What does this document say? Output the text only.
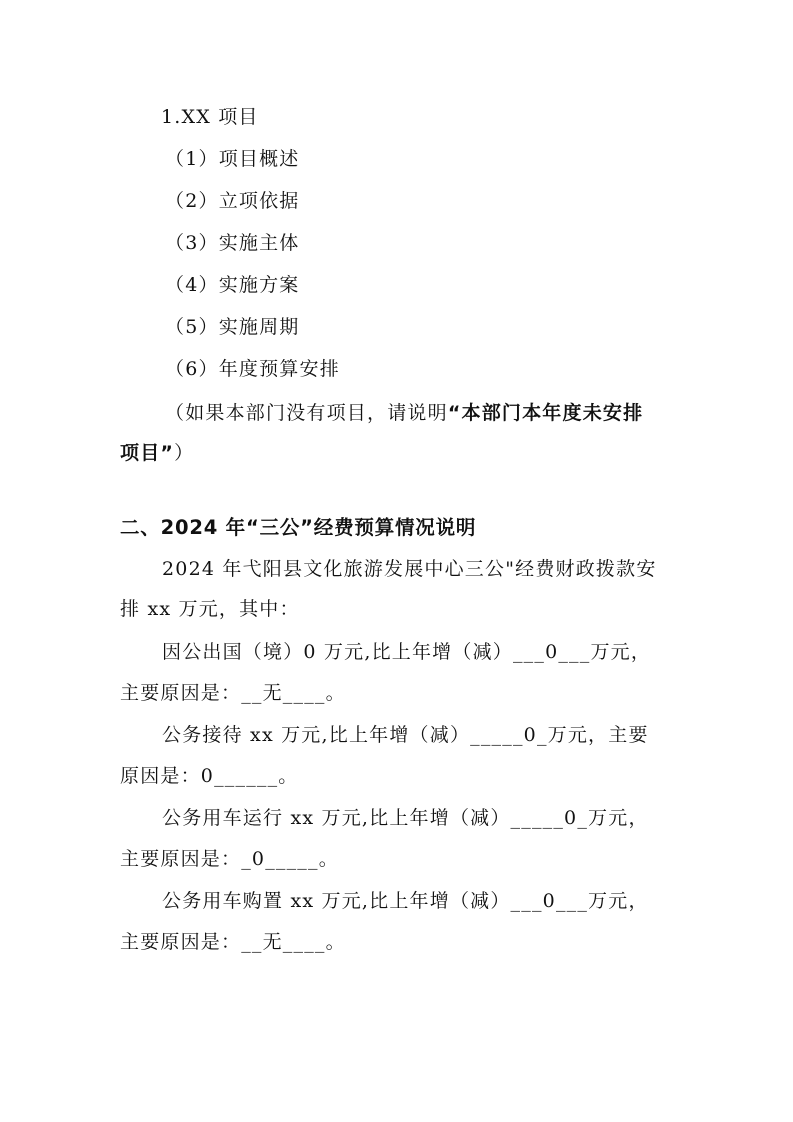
1.XX 项目
（1）项目概述
（2）立项依据
（3）实施主体
（4）实施方案
（5）实施周期
（6）年度预算安排
（如果本部门没有项目，请说明“本部门本年度未安排
项目”）
二、2024 年“三公”经费预算情况说明
2024 年弋阳县文化旅游发展中心三公"经费财政拨款安
排 xx 万元，其中：
因公出国（境）0 万元,比上年增（减）___0___万元，
主要原因是：__无____。
公务接待 xx 万元,比上年增（减）_____0_万元，主要
原因是：0______。
公务用车运行 xx 万元,比上年增（减）_____0_万元，
主要原因是：_0_____。
公务用车购置 xx 万元,比上年增（减）___0___万元，
主要原因是：__无____。
